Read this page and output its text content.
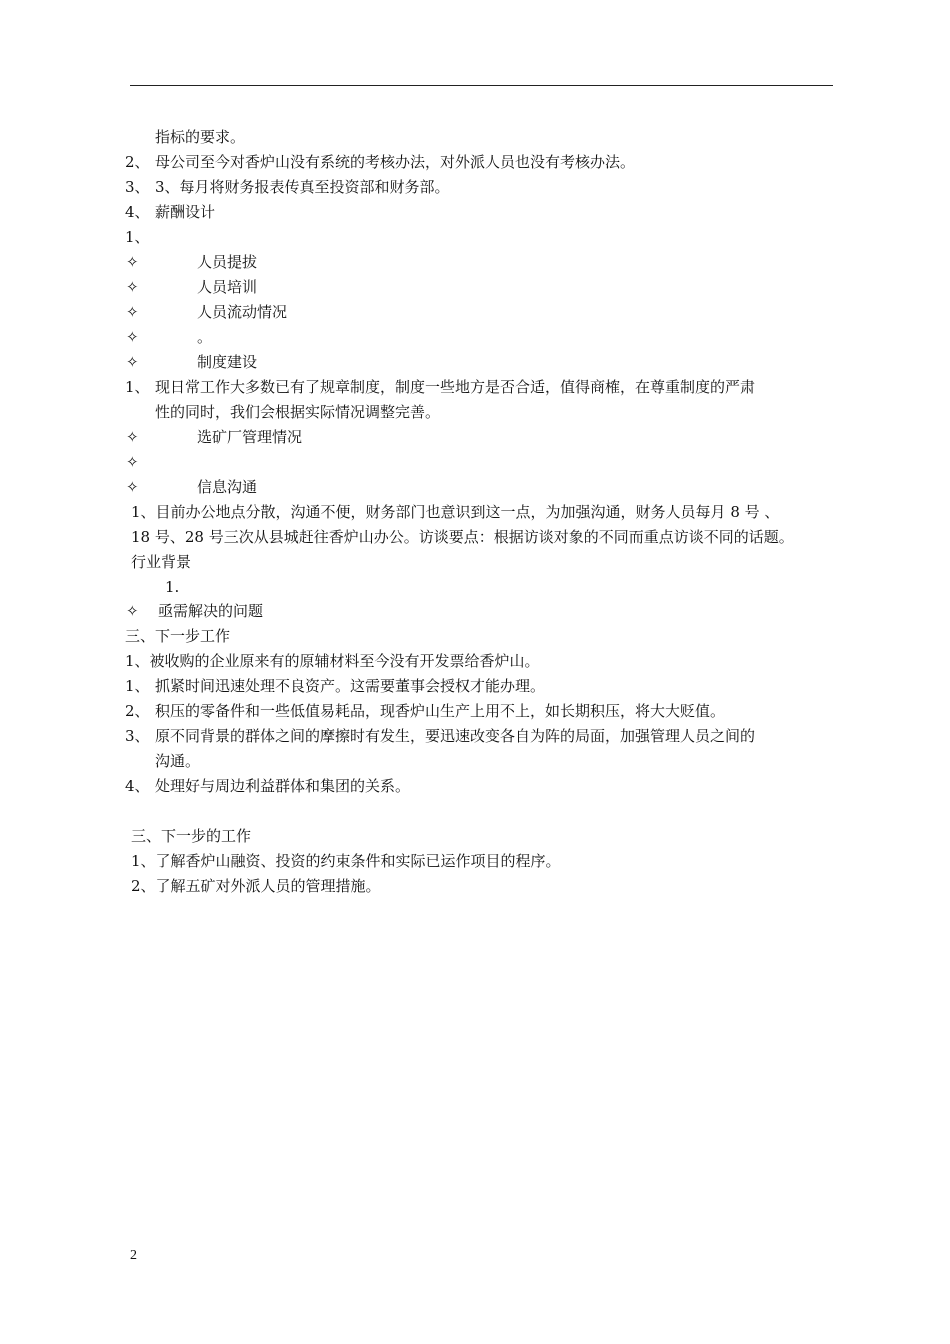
指标的要求。
2、 母公司至今对香炉山没有系统的考核办法，对外派人员也没有考核办法。
3、 3、每月将财务报表传真至投资部和财务部。
4、 薪酬设计
1、
✧	人员提拔
✧	人员培训
✧	人员流动情况
✧	。
✧	制度建设
1、 现日常工作大多数已有了规章制度，制度一些地方是否合适，值得商榷，在尊重制度的严肃
性的同时，我们会根据实际情况调整完善。
✧	选矿厂管理情况
✧
✧	信息沟通
1、目前办公地点分散，沟通不便，财务部门也意识到这一点，为加强沟通，财务人员每月 8 号 、
18 号、28 号三次从县城赶往香炉山办公。访谈要点：根据访谈对象的不同而重点访谈不同的话题。
行业背景
1.
✧ 亟需解决的问题
三、下一步工作
1、被收购的企业原来有的原辅材料至今没有开发票给香炉山。
1、 抓紧时间迅速处理不良资产。这需要董事会授权才能办理。
2、 积压的零备件和一些低值易耗品，现香炉山生产上用不上，如长期积压，将大大贬值。
3、 原不同背景的群体之间的摩擦时有发生，要迅速改变各自为阵的局面，加强管理人员之间的
沟通。
4、 处理好与周边利益群体和集团的关系。
三、下一步的工作
1、了解香炉山融资、投资的约束条件和实际已运作项目的程序。
2、了解五矿对外派人员的管理措施。
2
